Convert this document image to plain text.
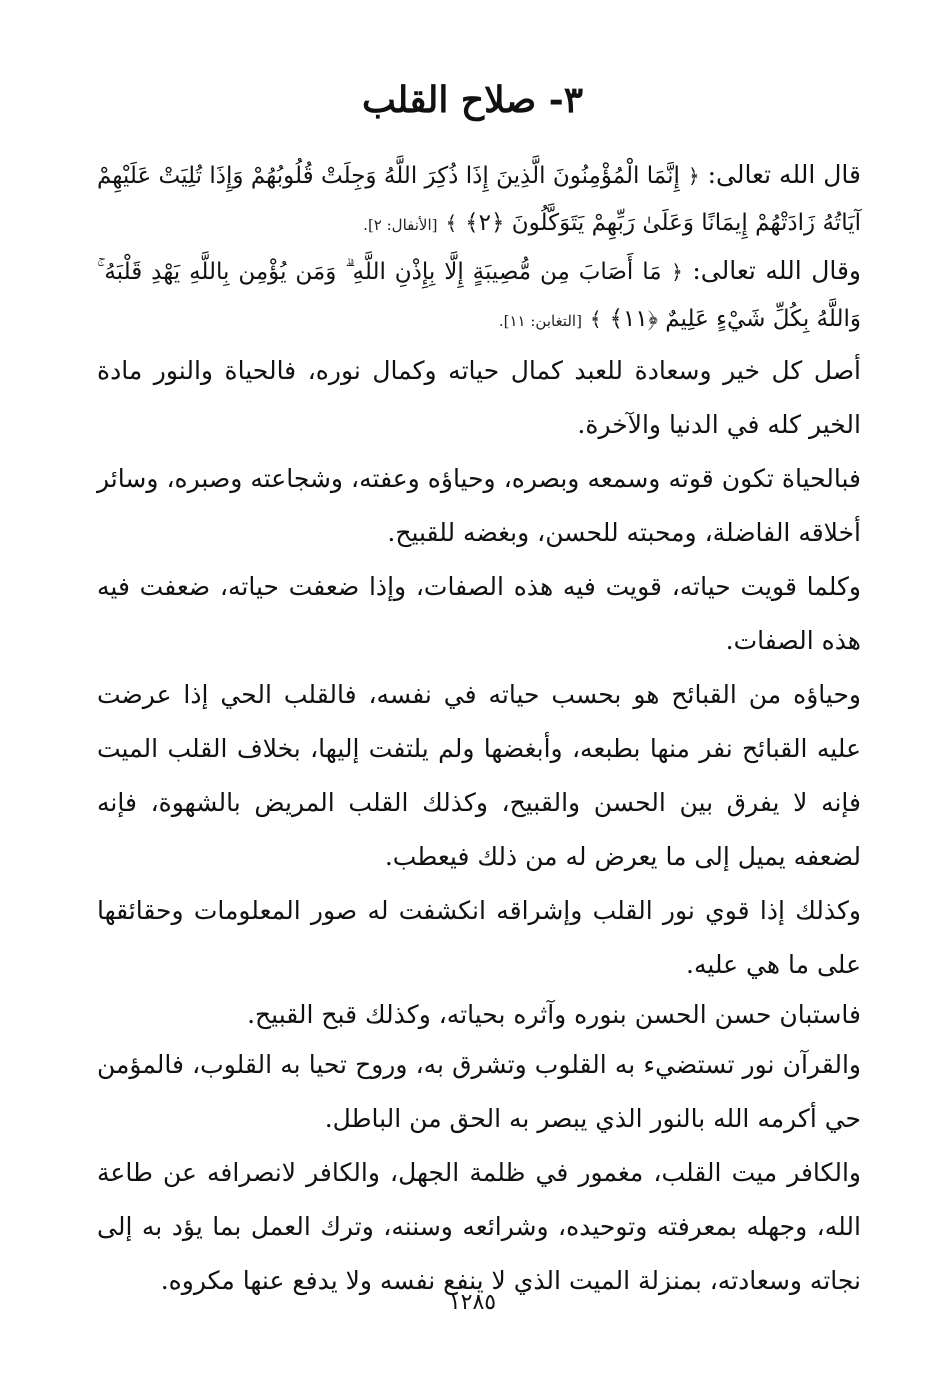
٣- صلاح القلب

قال الله تعالى: ﴿ إِنَّمَا الْمُؤْمِنُونَ الَّذِينَ إِذَا ذُكِرَ اللَّهُ وَجِلَتْ قُلُوبُهُمْ وَإِذَا تُلِيَتْ عَلَيْهِمْ آيَاتُهُ زَادَتْهُمْ إِيمَانًا وَعَلَىٰ رَبِّهِمْ يَتَوَكَّلُونَ ﴿٢﴾ ﴾ [الأنفال: ٢].

وقال الله تعالى: ﴿ مَا أَصَابَ مِن مُّصِيبَةٍ إِلَّا بِإِذْنِ اللَّهِ ۗ وَمَن يُؤْمِن بِاللَّهِ يَهْدِ قَلْبَهُ ۚ وَاللَّهُ بِكُلِّ شَيْءٍ عَلِيمٌ ﴿١١﴾ ﴾ [التغابن: ١١].

أصل كل خير وسعادة للعبد كمال حياته وكمال نوره، فالحياة والنور مادة الخير كله في الدنيا والآخرة.

فبالحياة تكون قوته وسمعه وبصره، وحياؤه وعفته، وشجاعته وصبره، وسائر أخلاقه الفاضلة، ومحبته للحسن، وبغضه للقبيح.

وكلما قويت حياته، قويت فيه هذه الصفات، وإذا ضعفت حياته، ضعفت فيه هذه الصفات.

وحياؤه من القبائح هو بحسب حياته في نفسه، فالقلب الحي إذا عرضت عليه القبائح نفر منها بطبعه، وأبغضها ولم يلتفت إليها، بخلاف القلب الميت فإنه لا يفرق بين الحسن والقبيح، وكذلك القلب المريض بالشهوة، فإنه لضعفه يميل إلى ما يعرض له من ذلك فيعطب.

وكذلك إذا قوي نور القلب وإشراقه انكشفت له صور المعلومات وحقائقها على ما هي عليه.

فاستبان حسن الحسن بنوره وآثره بحياته، وكذلك قبح القبيح.

والقرآن نور تستضيء به القلوب وتشرق به، وروح تحيا به القلوب، فالمؤمن حي أكرمه الله بالنور الذي يبصر به الحق من الباطل.

والكافر ميت القلب، مغمور في ظلمة الجهل، والكافر لانصرافه عن طاعة الله، وجهله بمعرفته وتوحيده، وشرائعه وسننه، وترك العمل بما يؤد به إلى نجاته وسعادته، بمنزلة الميت الذي لا ينفع نفسه ولا يدفع عنها مكروه.

١٢٨٥
